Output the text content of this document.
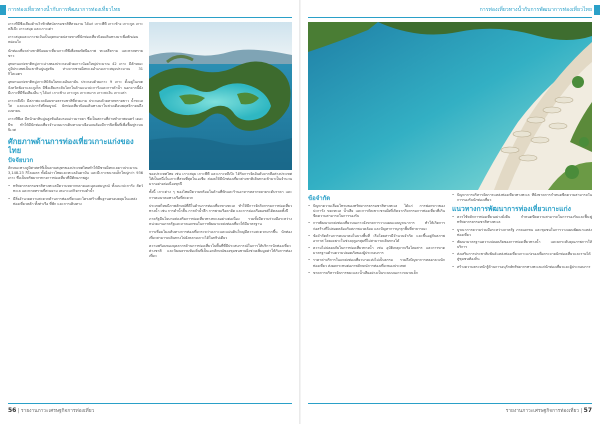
การท่องเที่ยวทางน้ำกับการพัฒนาการท่องเที่ยวไทย	การท่องเที่ยวทางน้ำกับการพัฒนาการท่องเที่ยวไทย

เกาะที่มีชื่อเสียงด้านวิวทิวทัศน์ธรรมชาติที่สวยงาม ได้แก่ เกาะพีพี เกาะช้าง เกาะกูด เกาะหลีเป๊ะ เกาะสมุย และเกาะเต่า

เกาะสมุยและเกาะพะงันเป็นจุดหมายปลายทางที่นักท่องเที่ยวนิยมเดินทางมาเพื่อพักผ่อนหย่อนใจ

นักท่องเที่ยวต่างชาตินิยมมาเที่ยวเกาะพีพีเพื่อชมทัศนียภาพ ทะเลสีคราม และหาดทรายขาว

อุทยานแห่งชาติหมู่เกาะอ่างทองประกอบด้วยเกาะน้อยใหญ่ประมาณ 42 เกาะ มีลักษณะภูมิประเทศเป็นเขาหินปูนสูงชัน ห่างจากชายฝั่งทะเลอำเภอเกาะสมุยประมาณ 31 กิโลเมตร

อุทยานแห่งชาติหมู่เกาะสิมิลันในทะเลอันดามัน ประกอบด้วยเกาะ 9 เกาะ ตั้งอยู่ในเขตจังหวัดพังงาและภูเก็ต มีชื่อเสียงระดับโลกในด้านแนวปะการังและการดำน้ำ นอกจากนี้ยังมีเกาะที่มีชื่อเสียงอื่น ๆ ได้แก่ เกาะช้าง เกาะกูด เกาะหมาก เกาะพะงัน เกาะเต่า

เกาะหลีเป๊ะ มีสภาพแวดล้อมทางธรรมชาติที่สวยงาม ประกอบด้วยหาดทรายขาว น้ำทะเลใส และแนวปะการังที่สมบูรณ์ นักท่องเที่ยวนิยมเดินทางมาในช่วงเดือนพฤศจิกายนถึงเมษายน

เกาะพีพีเล มีหน้าผาหินปูนสูงชันล้อมรอบอ่าวมาหยา ซึ่งเป็นสถานที่ถ่ายทำภาพยนตร์ เดอะ บีช ทำให้มีนักท่องเที่ยวจำนวนมากเดินทางมาเยือนจนต้องมีการปิดพื้นที่เพื่อฟื้นฟูระบบนิเวศ

ศักยภาพด้านการท่องเที่ยวเกาะแก่งของไทย
ปัจจัยบวก

ลักษณะทางภูมิศาสตร์ที่เป็นคาบสมุทรของประเทศไทยทำให้มีชายฝั่งทะเลยาวประมาณ 3,148.23 กิโลเมตร ทั้งฝั่งอ่าวไทยและทะเลอันดามัน และมีเกาะขนาดเล็กใหญ่กว่า 936 เกาะ ซึ่งเป็นทรัพยากรทางการท่องเที่ยวที่มีศักยภาพสูง

• ทรัพยากรธรรมชาติทางทะเลมีความหลากหลายและอุดมสมบูรณ์ ทั้งแนวปะการัง สัตว์ทะเล และหาดทรายที่สวยงาม เหมาะแก่กิจกรรมดำน้ำ
• มีสิ่งอำนวยความสะดวกด้านการท่องเที่ยวและโครงสร้างพื้นฐานครอบคลุมในแหล่งท่องเที่ยวหลัก ทั้งท่าเรือ ที่พัก และการเดินทาง

ของประเทศไทย เช่น เกาะสมุย เกาะพีพี และเกาะหลีเป๊ะ ได้รับการจัดอันดับจากสื่อต่างประเทศให้เป็นหนึ่งในเกาะที่สวยที่สุดในเอเชีย ส่งผลให้มีนักท่องเที่ยวต่างชาติเดินทางเข้ามาเป็นจำนวนมากอย่างต่อเนื่องทุกปี

ทั้งนี้ เกาะต่าง ๆ ของไทยมีความพร้อมในด้านที่พักและร้านอาหารหลากหลายระดับราคา และการคมนาคมทางเรือที่สะดวก

ประเทศไทยมีภาพลักษณ์ที่ดีในด้านการท่องเที่ยวทางทะเล ทำให้มีการจัดกิจกรรมการท่องเที่ยวทางน้ำ เช่น การดำน้ำตื้น การดำน้ำลึก การพายเรือคายัค และการล่องเรือยอชต์ได้ตลอดทั้งปี

ภาครัฐมีนโยบายส่งเสริมการท่องเที่ยวทางทะเลอย่างต่อเนื่อง รวมทั้งมีความร่วมมือระหว่างหน่วยงานภาครัฐและภาคเอกชนในการพัฒนาแหล่งท่องเที่ยวให้มีมาตรฐาน

การเชื่อมโยงเส้นทางการท่องเที่ยวระหว่างเกาะและแผ่นดินใหญ่มีความสะดวกมากขึ้น นักท่องเที่ยวสามารถเดินทางไปยังหลายเกาะได้ในทริปเดียว

ความพร้อมของบุคลากรด้านการท่องเที่ยวในพื้นที่ที่มีประสบการณ์ในการให้บริการนักท่องเที่ยวต่างชาติ และวัฒนธรรมท้องถิ่นที่เป็นเอกลักษณ์ของชุมชนชายฝั่งช่วยเพิ่มมูลค่าให้กับการท่องเที่ยว

ข้อจำกัด
• ปัญหาความเสื่อมโทรมของทรัพยากรธรรมชาติทางทะเล ได้แก่ การฟอกขาวของปะการัง ขยะทะเล น้ำเสีย และการกัดเซาะชายฝั่งที่เกิดจากกิจกรรมการท่องเที่ยวที่เกินขีดความสามารถในการรองรับ
• การพัฒนาแหล่งท่องเที่ยวบนเกาะยังขาดการวางแผนแบบบูรณาการ ทำให้เกิดการก่อสร้างที่ไม่สอดคล้องกับสภาพแวดล้อม และปัญหาการบุกรุกพื้นที่สาธารณะ
• ข้อจำกัดด้านการคมนาคมในบางพื้นที่ เรือโดยสารมีจำนวนจำกัด และขึ้นอยู่กับสภาพอากาศ โดยเฉพาะในช่วงฤดูมรสุมที่ไม่สามารถเดินทางได้
• ความไม่ปลอดภัยในการท่องเที่ยวทางน้ำ เช่น อุบัติเหตุจากเรือโดยสาร และการขาดมาตรฐานด้านความปลอดภัยของผู้ประกอบการ
• ราคาค่าบริการในแหล่งท่องเที่ยวบางแห่งไม่เป็นธรรม รวมถึงปัญหาการหลอกลวงนักท่องเที่ยว ส่งผลกระทบต่อภาพลักษณ์การท่องเที่ยวของประเทศ
• ขาดการบริหารจัดการขยะและน้ำเสียอย่างเป็นระบบบนเกาะขนาดเล็ก
• ปัญหาการบริหารจัดการแหล่งท่องเที่ยวทางทะเล ที่ยังขาดการกำหนดขีดความสามารถในการรองรับนักท่องเที่ยว
แนวทางการพัฒนาการท่องเที่ยวเกาะแก่ง
• ควรใช้หลักการท่องเที่ยวอย่างยั่งยืน กำหนดขีดความสามารถในการรองรับและฟื้นฟูทรัพยากรธรรมชาติทางทะเล
• บูรณาการความร่วมมือระหว่างภาครัฐ ภาคเอกชน และชุมชนในการวางแผนพัฒนาแหล่งท่องเที่ยว
• พัฒนามาตรฐานความปลอดภัยของการท่องเที่ยวทางน้ำ และยกระดับคุณภาพการให้บริการ
• ส่งเสริมการประชาสัมพันธ์แหล่งท่องเที่ยวเกาะแก่งรองเพื่อกระจายนักท่องเที่ยวและรายได้สู่ชุมชนท้องถิ่น
• สร้างความตระหนักรู้ด้านการอนุรักษ์ทรัพยากรทางทะเลแก่นักท่องเที่ยวและผู้ประกอบการ
56 | รายงานภาวะเศรษฐกิจการท่องเที่ยว	รายงานภาวะเศรษฐกิจการท่องเที่ยว | 57
